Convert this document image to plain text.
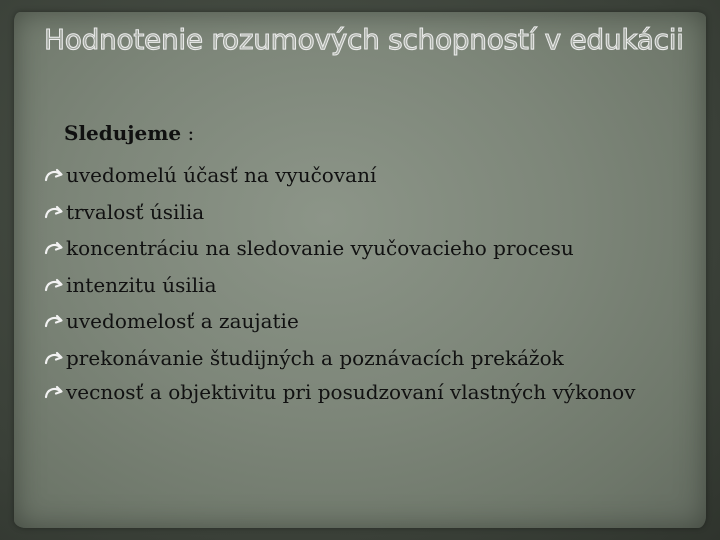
Hodnotenie rozumových schopností v edukácii

Sledujeme :

uvedomelú účasť na vyučovaní
trvalosť úsilia
koncentráciu na sledovanie vyučovacieho procesu
intenzitu úsilia
uvedomelosť a zaujatie
prekonávanie študijných a poznávacích prekážok
vecnosť a objektivitu pri posudzovaní vlastných výkonov
